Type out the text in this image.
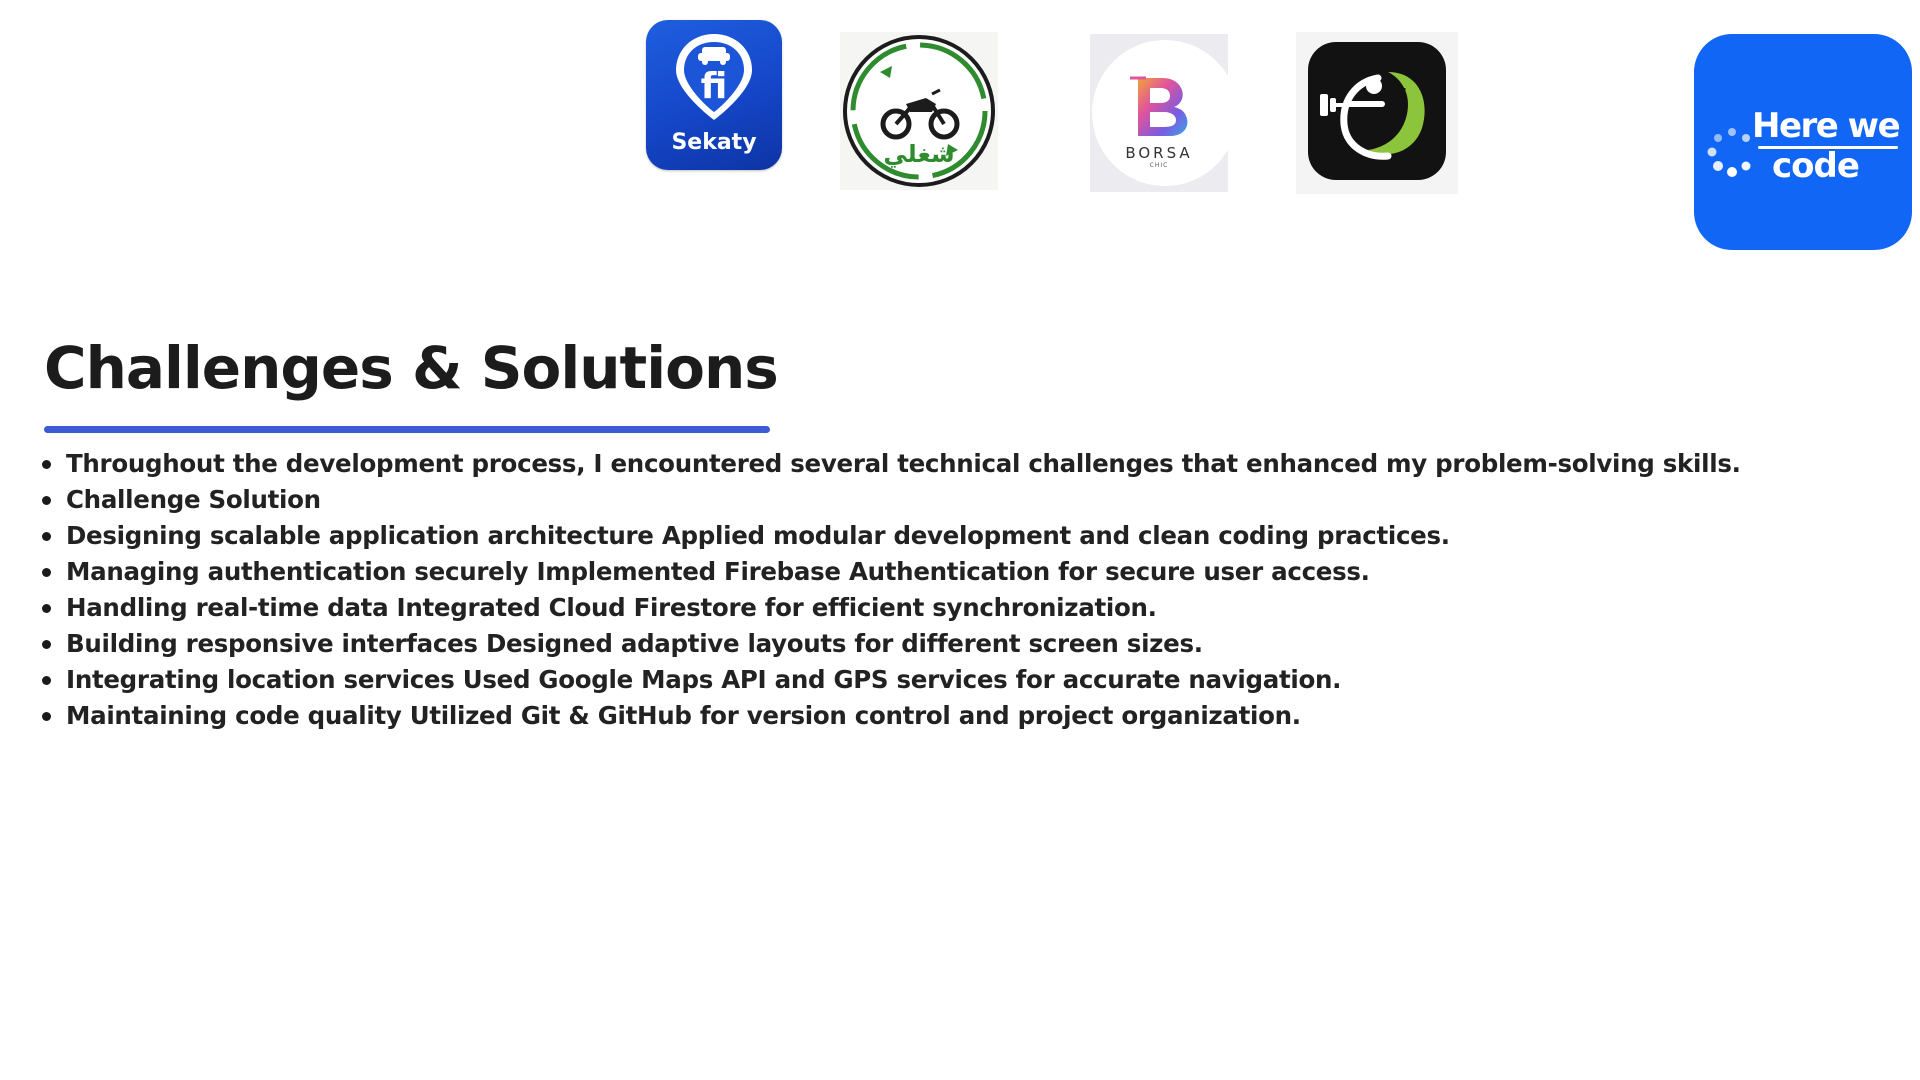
fi
Sekaty	شغلي	BORSA
CHIC
Here we
code
Challenges & Solutions
Throughout the development process, I encountered several technical challenges that enhanced my problem-solving skills.
Challenge Solution
Designing scalable application architecture Applied modular development and clean coding practices.
Managing authentication securely Implemented Firebase Authentication for secure user access.
Handling real-time data Integrated Cloud Firestore for efficient synchronization.
Building responsive interfaces Designed adaptive layouts for different screen sizes.
Integrating location services Used Google Maps API and GPS services for accurate navigation.
Maintaining code quality Utilized Git & GitHub for version control and project organization.
